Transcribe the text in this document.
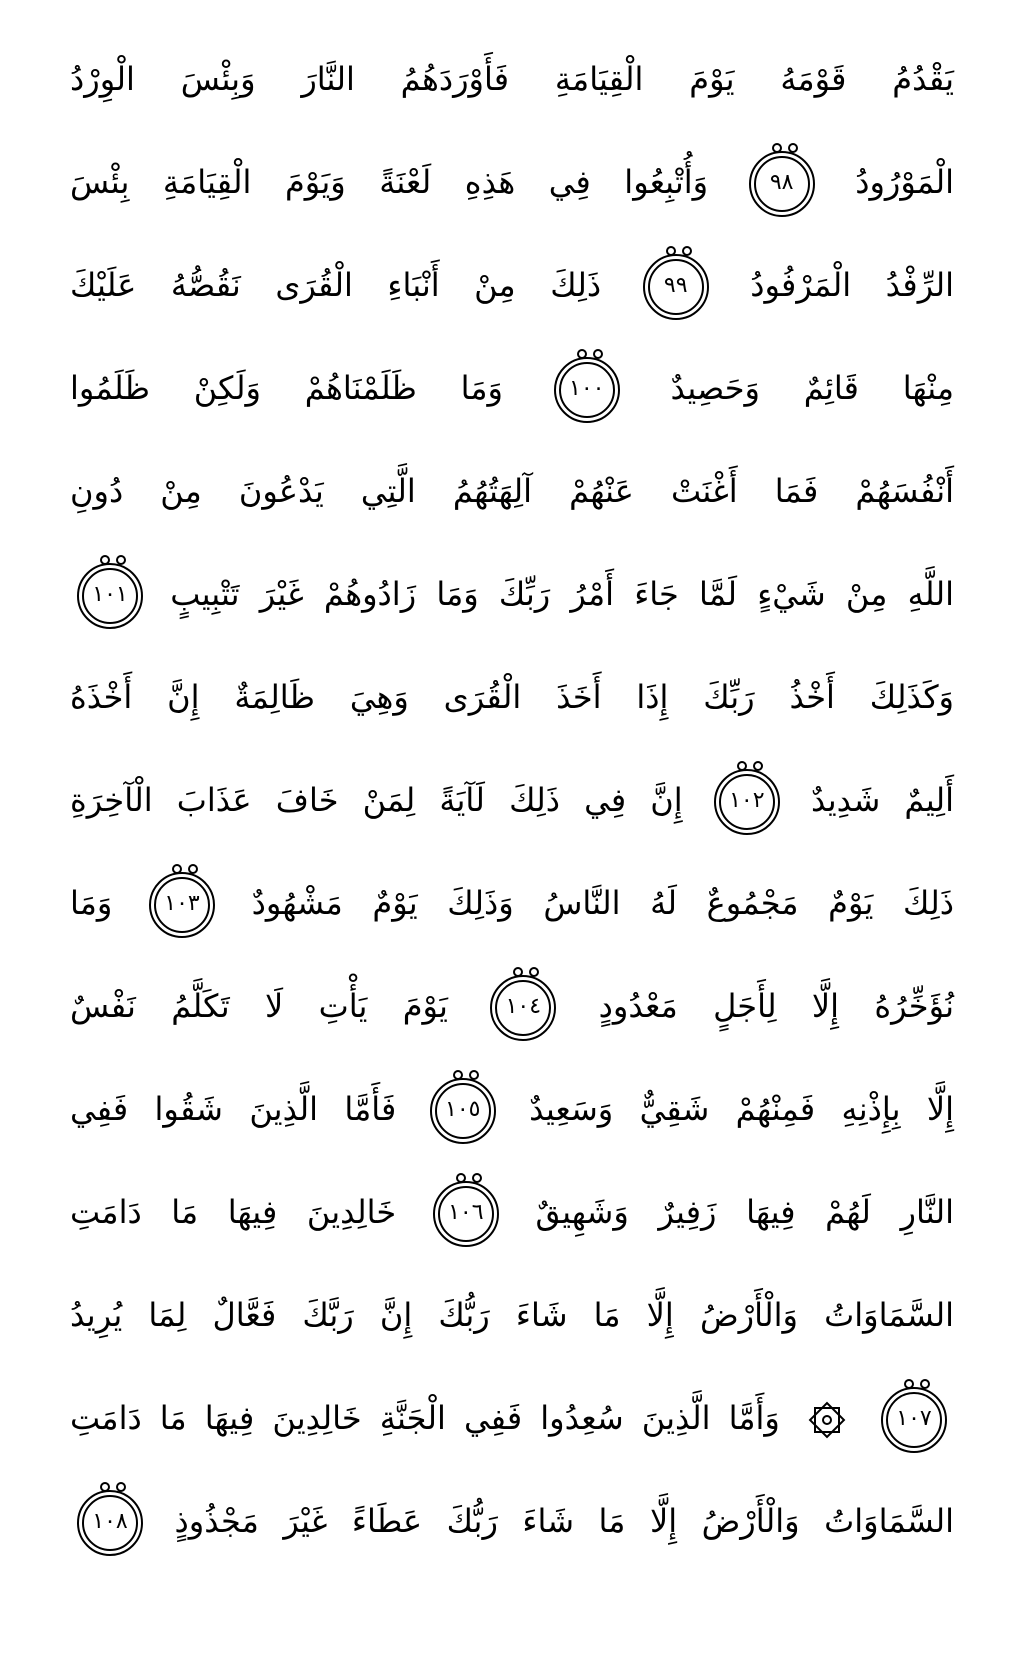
يَقْدُمُ قَوْمَهُ يَوْمَ الْقِيَامَةِ فَأَوْرَدَهُمُ النَّارَ وَبِئْسَ الْوِرْدُ
الْمَوْرُودُ
٩٨
وَأُتْبِعُوا فِي هَذِهِ لَعْنَةً وَيَوْمَ الْقِيَامَةِ بِئْسَ
الرِّفْدُ الْمَرْفُودُ
٩٩
ذَلِكَ مِنْ أَنْبَاءِ الْقُرَى نَقُصُّهُ عَلَيْكَ
مِنْهَا قَائِمٌ وَحَصِيدٌ
١٠٠
وَمَا ظَلَمْنَاهُمْ وَلَكِنْ ظَلَمُوا
أَنْفُسَهُمْ فَمَا أَغْنَتْ عَنْهُمْ آلِهَتُهُمُ الَّتِي يَدْعُونَ مِنْ دُونِ
اللَّهِ مِنْ شَيْءٍ لَمَّا جَاءَ أَمْرُ رَبِّكَ وَمَا زَادُوهُمْ غَيْرَ تَتْبِيبٍ
١٠١
وَكَذَلِكَ أَخْذُ رَبِّكَ إِذَا أَخَذَ الْقُرَى وَهِيَ ظَالِمَةٌ إِنَّ أَخْذَهُ
أَلِيمٌ شَدِيدٌ
١٠٢
إِنَّ فِي ذَلِكَ لَآيَةً لِمَنْ خَافَ عَذَابَ الْآخِرَةِ
ذَلِكَ يَوْمٌ مَجْمُوعٌ لَهُ النَّاسُ وَذَلِكَ يَوْمٌ مَشْهُودٌ
١٠٣
وَمَا
نُؤَخِّرُهُ إِلَّا لِأَجَلٍ مَعْدُودٍ
١٠٤
يَوْمَ يَأْتِ لَا تَكَلَّمُ نَفْسٌ
إِلَّا بِإِذْنِهِ فَمِنْهُمْ شَقِيٌّ وَسَعِيدٌ
١٠٥
فَأَمَّا الَّذِينَ شَقُوا فَفِي
النَّارِ لَهُمْ فِيهَا زَفِيرٌ وَشَهِيقٌ
١٠٦
خَالِدِينَ فِيهَا مَا دَامَتِ
السَّمَاوَاتُ وَالْأَرْضُ إِلَّا مَا شَاءَ رَبُّكَ إِنَّ رَبَّكَ فَعَّالٌ لِمَا يُرِيدُ
١٠٧

وَأَمَّا الَّذِينَ سُعِدُوا فَفِي الْجَنَّةِ خَالِدِينَ فِيهَا مَا دَامَتِ
السَّمَاوَاتُ وَالْأَرْضُ إِلَّا مَا شَاءَ رَبُّكَ عَطَاءً غَيْرَ مَجْذُوذٍ
١٠٨
